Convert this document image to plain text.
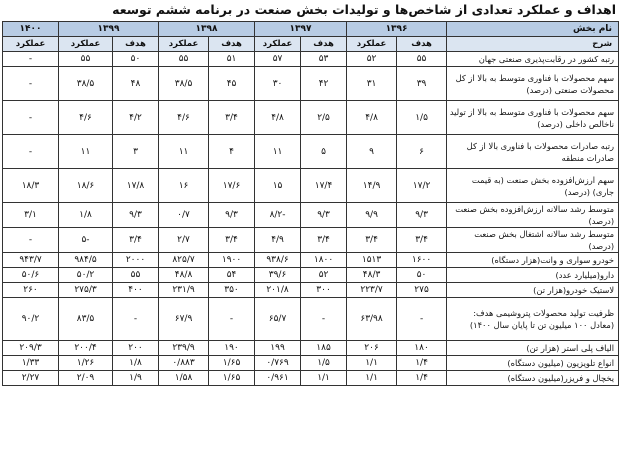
اهداف و عملکرد تعدادی از شاخص‌ها و تولیدات بخش صنعت در برنامه ششم توسعه
نام بخش	۱۳۹۶		۱۳۹۷		۱۳۹۸		۱۳۹۹		۱۴۰۰
شرح	هدف	عملکرد	هدف	عملکرد	هدف	عملکرد	هدف	عملکرد	عملکرد
رتبه کشور در رقابت‌پذیری صنعتی جهان	۵۵	۵۲	۵۳	۵۷	۵۱	۵۵	۵۰	۵۵	-
سهم محصولات با فناوری متوسط به بالا از کل محصولات صنعتی (درصد)	۳۹	۳۱	۴۲	۳۰	۴۵	۳۸/۵	۴۸	۳۸/۵	-
سهم محصولات با فناوری متوسط به بالا از تولید ناخالص داخلی (درصد)	۱/۵	۴/۸	۲/۵	۴/۸	۳/۴	۴/۶	۴/۲	۴/۶	-
رتبه صادرات محصولات با فناوری بالا از کل صادرات منطقه	۶	۹	۵	۱۱	۴	۱۱	۳	۱۱	-
سهم ارزش‌افزوده بخش صنعت (به قیمت جاری) (درصد)	۱۷/۲	۱۴/۹	۱۷/۴	۱۵	۱۷/۶	۱۶	۱۷/۸	۱۸/۶	۱۸/۳
متوسط رشد سالانه ارزش‌افزوده بخش صنعت (درصد)	۹/۳	۹/۹	۹/۳	-۸/۲	۹/۳	۰/۷	۹/۳	۱/۸	۳/۱
متوسط رشد سالانه اشتغال بخش صنعت (درصد)	۳/۴	۳/۴	۳/۴	۴/۹	۳/۴	۲/۷	۳/۴	-۵	-
خودرو سواری و وانت(هزار دستگاه)	۱۶۰۰	۱۵۱۳	۱۸۰۰	۹۳۸/۶	۱۹۰۰	۸۲۵/۷	۲۰۰۰	۹۸۴/۵	۹۴۳/۷
دارو(میلیارد عدد)	۵۰	۴۸/۳	۵۲	۳۹/۶	۵۴	۴۸/۸	۵۵	۵۰/۲	۵۰/۶
لاستیک خودرو(هزار تن)	۲۷۵	۲۲۳/۷	۳۰۰	۲۰۱/۸	۳۵۰	۲۳۱/۹	۴۰۰	۲۷۵/۳	۲۶۰
ظرفیت تولید محصولات پتروشیمی هدف: (معادل ۱۰۰ میلیون تن تا پایان سال ۱۴۰۰)	-	۶۳/۹۸	-	۶۵/۷	-	۶۷/۹	-	۸۳/۵	۹۰/۲
الیاف پلی استر (هزار تن)	۱۸۰	۲۰۶	۱۸۵	۱۹۹	۱۹۰	۲۳۹/۹	۲۰۰	۲۰۰/۴	۲۰۹/۳
انواع تلویزیون (میلیون دستگاه)	۱/۴	۱/۱	۱/۵	۰/۷۶۹	۱/۶۵	۰/۸۸۳	۱/۸	۱/۲۶	۱/۳۳
یخچال و فریزر(میلیون دستگاه)	۱/۴	۱/۱	۱/۱	۰/۹۶۱	۱/۶۵	۱/۵۸	۱/۹	۲/۰۹	۲/۲۷
